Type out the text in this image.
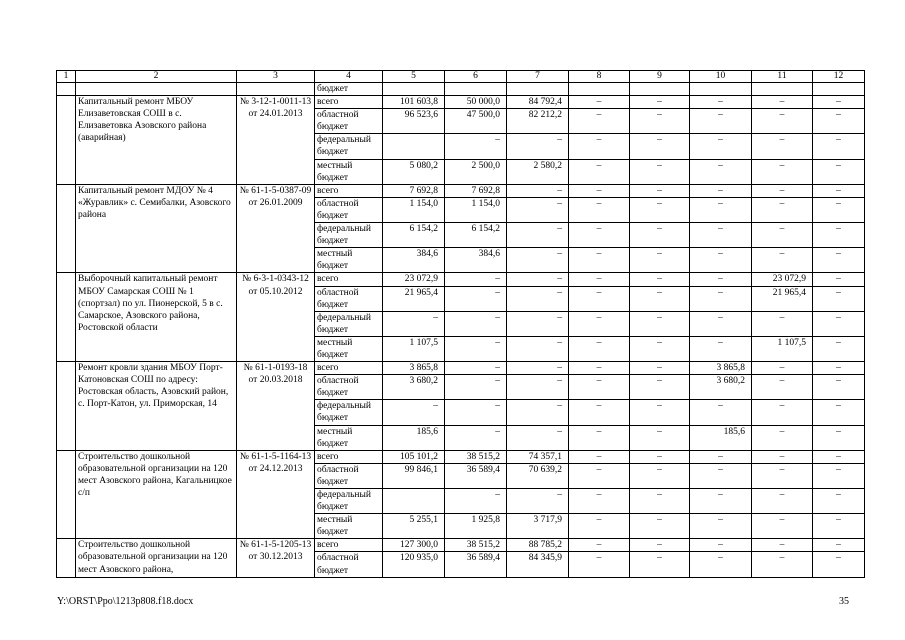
1	2	3	4	5	6	7	8	9	10	11	12
			бюджет								
	Капитальный ремонт МБОУ Елизаветовская СОШ в с. Елизаветовка Азовского района (аварийная)	№ 3-12-1-0011-13 от 24.01.2013	всего	101 603,8	50 000,0	84 792,4	–	–	–	–	–
			областной бюджет	96 523,6	47 500,0	82 212,2	–	–	–	–	–
			федеральный бюджет		–	–	–	–	–	–	–
			местный бюджет	5 080,2	2 500,0	2 580,2	–	–	–	–	–
	Капитальный ремонт МДОУ № 4 «Журавлик» с. Семибалки, Азовского района	№ 61-1-5-0387-09 от 26.01.2009	всего	7 692,8	7 692,8	–	–	–	–	–	–
			областной бюджет	1 154,0	1 154,0	–	–	–	–	–	–
			федеральный бюджет	6 154,2	6 154,2	–	–	–	–	–	–
			местный бюджет	384,6	384,6	–	–	–	–	–	–
	Выборочный капитальный ремонт МБОУ Самарская СОШ № 1 (спортзал) по ул. Пионерской, 5 в с. Самарское, Азовского района, Ростовской области	№ 6-3-1-0343-12 от 05.10.2012	всего	23 072,9	–	–	–	–	–	23 072,9	–
			областной бюджет	21 965,4	–	–	–	–	–	21 965,4	–
			федеральный бюджет	–	–	–	–	–	–	–	–
			местный бюджет	1 107,5	–	–	–	–	–	1 107,5	–
	Ремонт кровли здания МБОУ Порт-Катоновская СОШ по адресу: Ростовская область, Азовский район, с. Порт-Катон, ул. Приморская, 14	№ 61-1-0193-18 от 20.03.2018	всего	3 865,8	–	–	–	–	3 865,8	–	–
			областной бюджет	3 680,2	–	–	–	–	3 680,2	–	–
			федеральный бюджет	–	–	–	–	–	–	–	–
			местный бюджет	185,6	–	–	–	–	185,6	–	–
	Строительство дошкольной образовательной организации на 120 мест Азовского района, Кагальницкое с/п	№ 61-1-5-1164-13 от 24.12.2013	всего	105 101,2	38 515,2	74 357,1	–	–	–	–	–
			областной бюджет	99 846,1	36 589,4	70 639,2	–	–	–	–	–
			федеральный бюджет		–	–	–	–	–	–	–
			местный бюджет	5 255,1	1 925,8	3 717,9	–	–	–	–	–
	Строительство дошкольной образовательной организации на 120 мест Азовского района,	№ 61-1-5-1205-13 от 30.12.2013	всего	127 300,0	38 515,2	88 785,2	–	–	–	–	–
			областной бюджет	120 935,0	36 589,4	84 345,9	–	–	–	–	–
Y:\ORST\Ppo\1213p808.f18.docx	35
